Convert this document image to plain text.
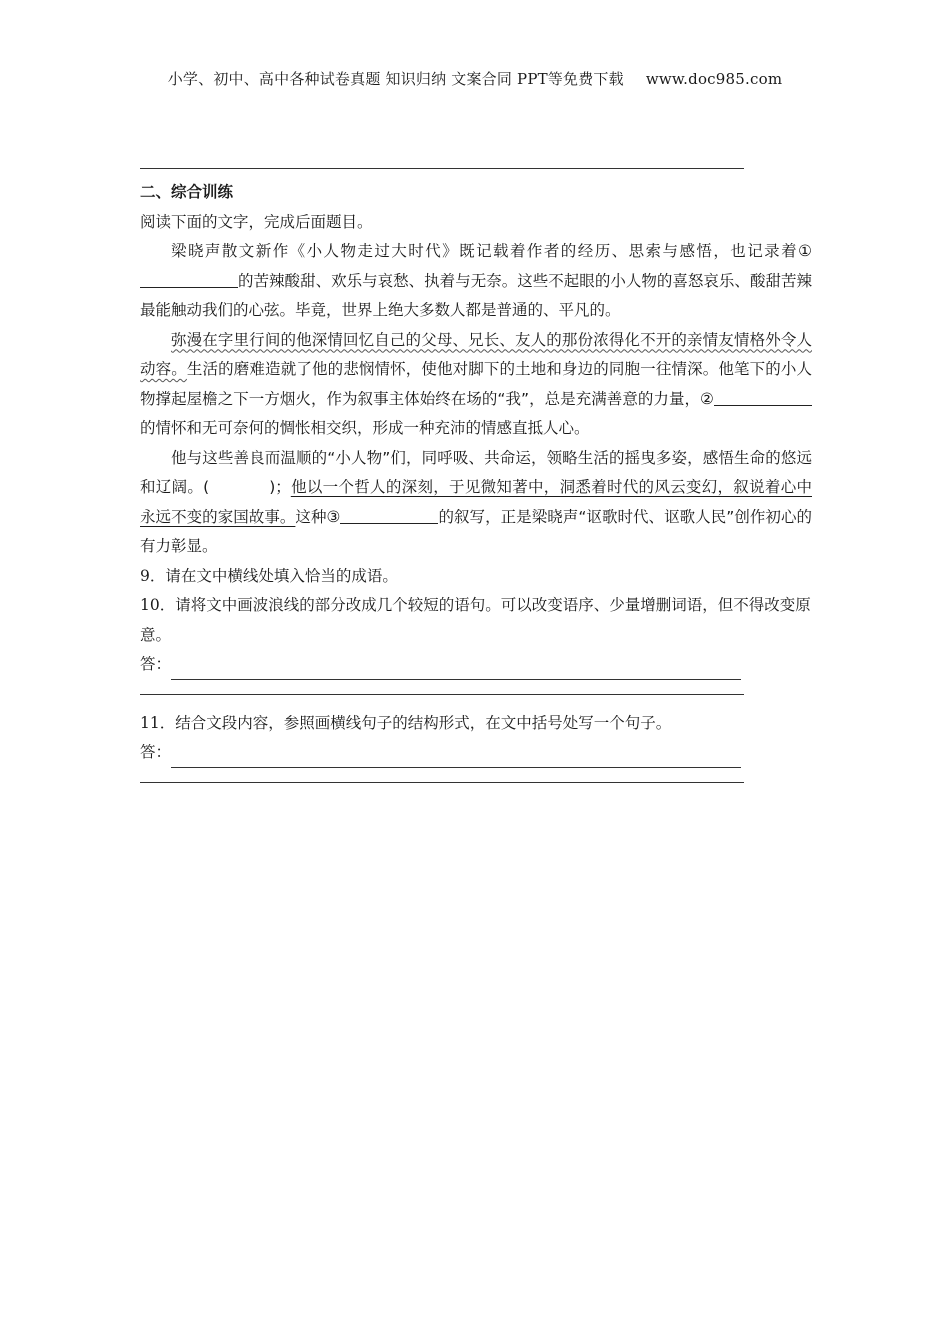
小学、初中、高中各种试卷真题 知识归纳 文案合同 PPT等免费下载 www.doc985.com

二、综合训练

阅读下面的文字，完成后面题目。

梁晓声散文新作《小人物走过大时代》既记载着作者的经历、思索与感悟，也记录着①的苦辣酸甜、欢乐与哀愁、执着与无奈。这些不起眼的小人物的喜怒哀乐、酸甜苦辣最能触动我们的心弦。毕竟，世界上绝大多数人都是普通的、平凡的。

弥漫在字里行间的他深情回忆自己的父母、兄长、友人的那份浓得化不开的亲情友情格外令人动容。生活的磨难造就了他的悲悯情怀，使他对脚下的土地和身边的同胞一往情深。他笔下的小人物撑起屋檐之下一方烟火，作为叙事主体始终在场的“我”，总是充满善意的力量，②的情怀和无可奈何的惆怅相交织，形成一种充沛的情感直抵人心。

他与这些善良而温顺的“小人物”们，同呼吸、共命运，领略生活的摇曳多姿，感悟生命的悠远和辽阔。(	)；他以一个哲人的深刻，于见微知著中，洞悉着时代的风云变幻，叙说着心中永远不变的家国故事。这种③	的叙写，正是梁晓声“讴歌时代、讴歌人民”创作初心的有力彰显。

9．请在文中横线处填入恰当的成语。

10．请将文中画波浪线的部分改成几个较短的语句。可以改变语序、少量增删词语，但不得改变原意。

答：

11．结合文段内容，参照画横线句子的结构形式，在文中括号处写一个句子。

答：
